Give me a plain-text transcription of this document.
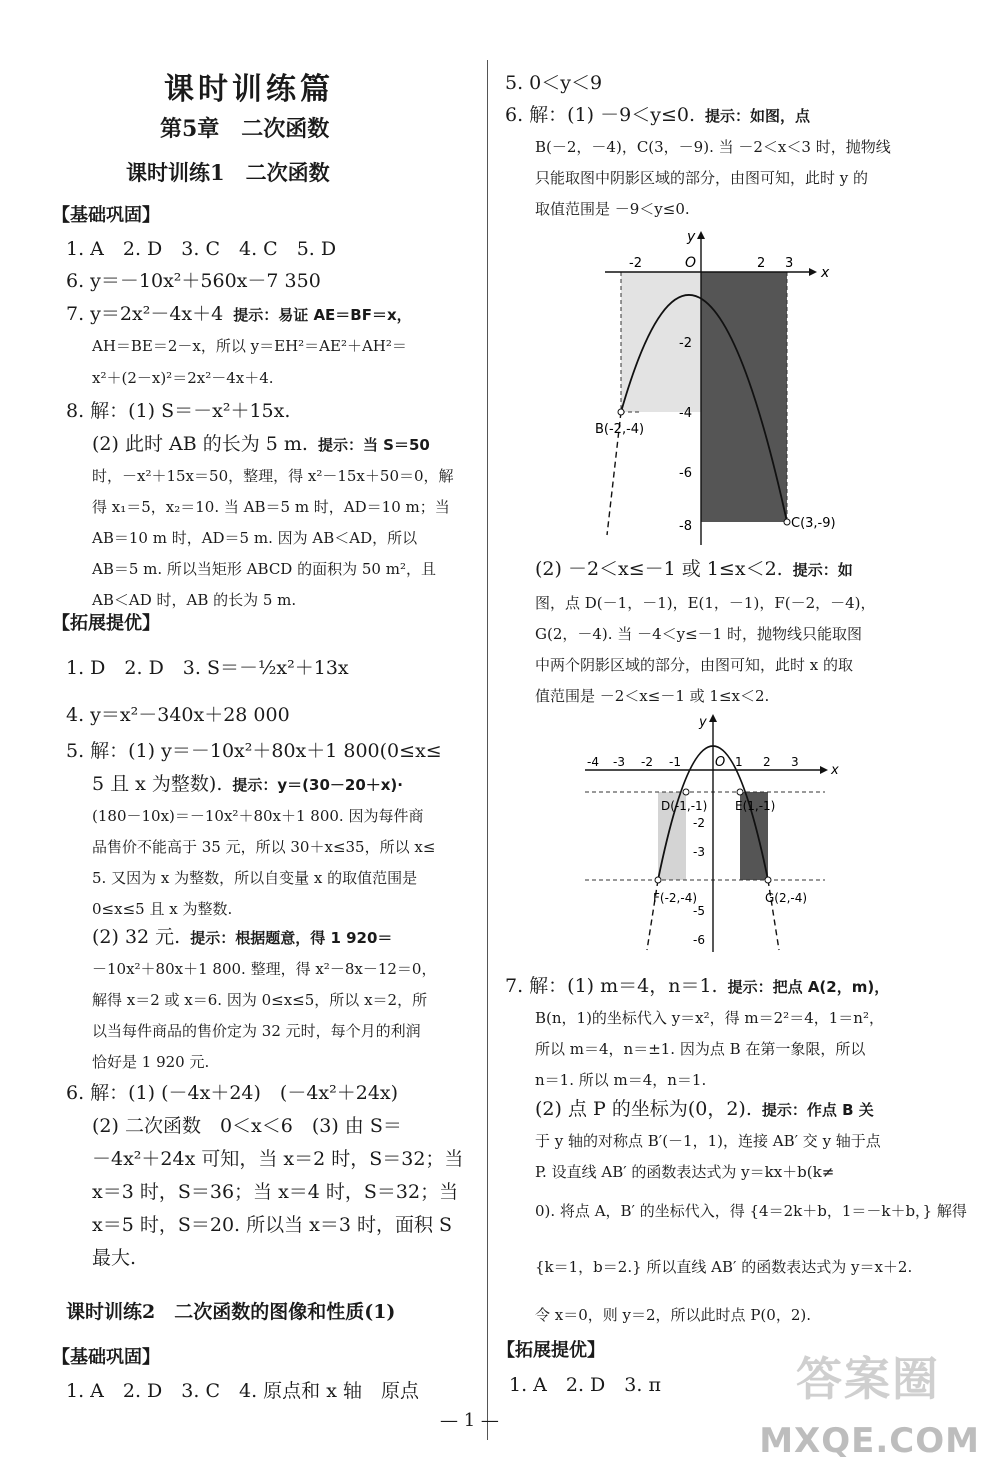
课时训练篇
第5章　二次函数
课时训练1　二次函数
【基础巩固】
1. A　2. D　3. C　4. C　5. D
6. y＝－10x²＋560x－7 350
7. y＝2x²－4x＋4 提示：易证 AE＝BF＝x，
AH＝BE＝2－x，所以 y＝EH²＝AE²＋AH²＝
x²＋(2－x)²＝2x²－4x＋4.
8. 解：(1) S＝－x²＋15x.
(2) 此时 AB 的长为 5 m. 提示：当 S＝50
时，－x²＋15x＝50，整理，得 x²－15x＋50＝0，解
得 x₁＝5，x₂＝10. 当 AB＝5 m 时，AD＝10 m；当
AB＝10 m 时，AD＝5 m. 因为 AB＜AD，所以
AB＝5 m. 所以当矩形 ABCD 的面积为 50 m²，且
AB＜AD 时，AB 的长为 5 m.
【拓展提优】
1. D　2. D　3. S＝－½x²＋13x
4. y＝x²－340x＋28 000
5. 解：(1) y＝－10x²＋80x＋1 800(0≤x≤
5 且 x 为整数). 提示：y＝(30－20＋x)·
(180－10x)＝－10x²＋80x＋1 800. 因为每件商
品售价不能高于 35 元，所以 30＋x≤35，所以 x≤
5. 又因为 x 为整数，所以自变量 x 的取值范围是
0≤x≤5 且 x 为整数.
(2) 32 元. 提示：根据题意，得 1 920＝
－10x²＋80x＋1 800. 整理，得 x²－8x－12＝0，
解得 x＝2 或 x＝6. 因为 0≤x≤5，所以 x＝2，所
以当每件商品的售价定为 32 元时，每个月的利润
恰好是 1 920 元.
6. 解：(1) (－4x＋24)　(－4x²＋24x)
(2) 二次函数　0＜x＜6　(3) 由 S＝
－4x²＋24x 可知，当 x＝2 时，S＝32；当
x＝3 时，S＝36；当 x＝4 时，S＝32；当
x＝5 时，S＝20. 所以当 x＝3 时，面积 S
最大.
课时训练2　二次函数的图像和性质(1)
【基础巩固】
1. A　2. D　3. C　4. 原点和 x 轴　原点
5. 0＜y＜9
6. 解：(1) －9＜y≤0. 提示：如图，点
B(－2，－4)，C(3，－9). 当 －2＜x＜3 时，抛物线
只能取图中阴影区域的部分，由图可知，此时 y 的
取值范围是 －9＜y≤0.
x
y
O
-2	2 3
-2
-4
-6
-8
B(-2,-4)
C(3,-9)
(2) －2＜x≤－1 或 1≤x＜2. 提示：如
图，点 D(－1，－1)，E(1，－1)，F(－2，－4)，
G(2，－4). 当 －4＜y≤－1 时，抛物线只能取图
中两个阴影区域的部分，由图可知，此时 x 的取
值范围是 －2＜x≤－1 或 1≤x＜2.
x
y
O
-4 -3 -2 -1	1 2 3
-2
-3
-5
-6
D(-1,-1) E(1,-1)
F(-2,-4)	G(2,-4)
7. 解：(1) m＝4，n＝1. 提示：把点 A(2，m)，
B(n，1)的坐标代入 y＝x²，得 m＝2²＝4，1＝n²，
所以 m＝4，n＝±1. 因为点 B 在第一象限，所以
n＝1. 所以 m＝4，n＝1.
(2) 点 P 的坐标为(0，2). 提示：作点 B 关
于 y 轴的对称点 B′(－1，1)，连接 AB′ 交 y 轴于点
P. 设直线 AB′ 的函数表达式为 y＝kx＋b(k≠
0). 将点 A，B′ 的坐标代入，得 {4＝2k＋b，1＝－k＋b，} 解得
{k＝1，b＝2.} 所以直线 AB′ 的函数表达式为 y＝x＋2.
令 x＝0，则 y＝2，所以此时点 P(0，2).
【拓展提优】
1. A　2. D　3. π
— 1 —
答案圈
MXQE.COM
